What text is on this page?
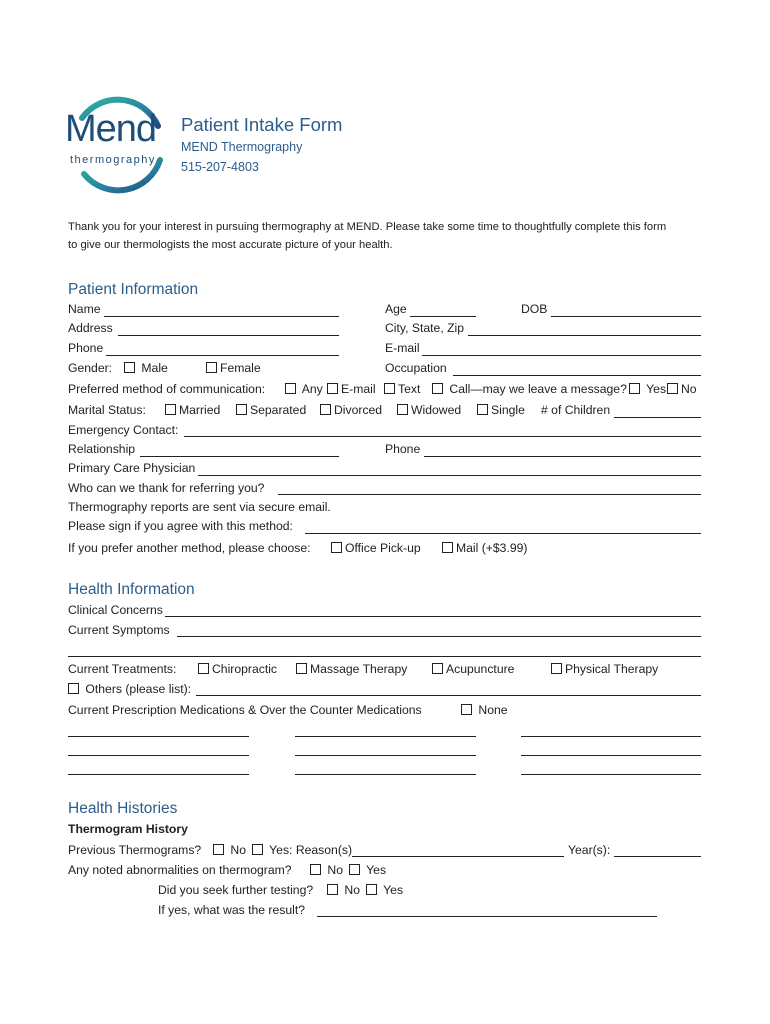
Mend
thermography
Patient Intake Form
MEND Thermography
515-207-4803
Thank you for your interest in pursuing thermography at MEND. Please take some time to thoughtfully complete this form
to give our thermologists the most accurate picture of your health.
Patient Information
Name	Age	DOB
Address	City, State, Zip
Phone	E-mail
Gender:	Male	Female	Occupation
Preferred method of communication:	Any	E-mail	Text	Call—may we leave a message?	Yes	No
Marital Status:	Married	Separated	Divorced	Widowed	Single # of Children
Emergency Contact:
Relationship	Phone
Primary Care Physician
Who can we thank for referring you?
Thermography reports are sent via secure email.
Please sign if you agree with this method:
If you prefer another method, please choose:	Office Pick-up	Mail (+$3.99)
Health Information
Clinical Concerns
Current Symptoms
Current Treatments:	Chiropractic	Massage Therapy	Acupuncture	Physical Therapy
Others (please list):
Current Prescription Medications & Over the Counter Medications	None
Health Histories
Thermogram History
Previous Thermograms?	No	Yes: Reason(s)	Year(s):
Any noted abnormalities on thermogram?	No	Yes
Did you seek further testing?	No	Yes
If yes, what was the result?
